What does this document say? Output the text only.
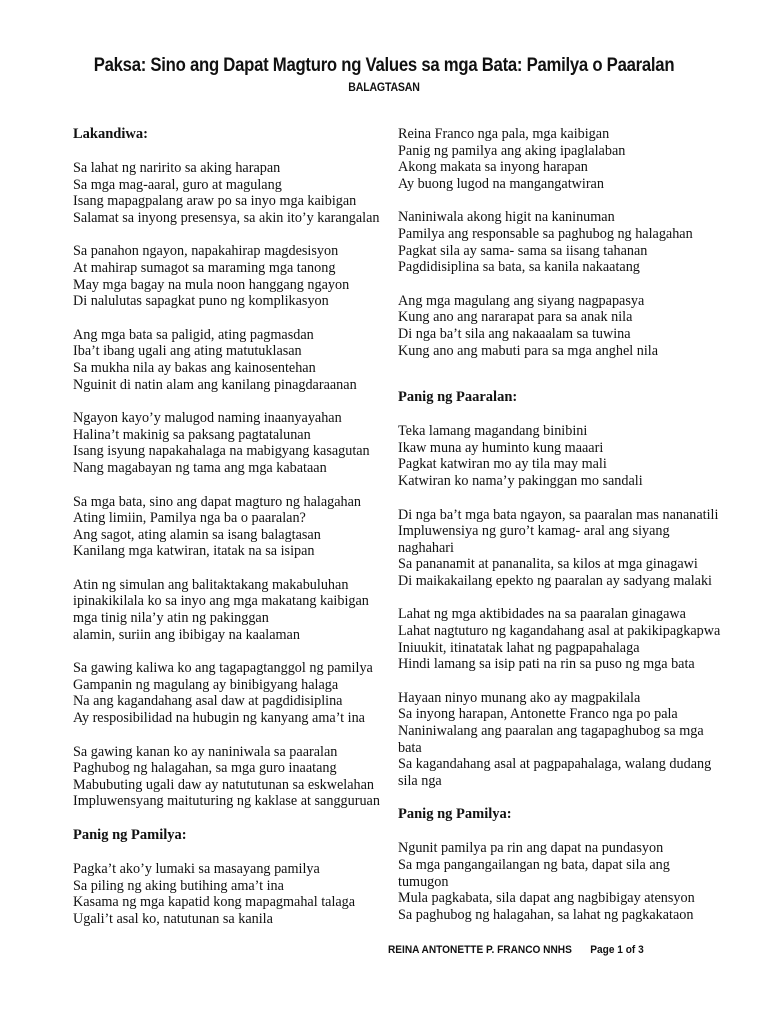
Paksa: Sino ang Dapat Magturo ng Values sa mga Bata: Pamilya o Paaralan
BALAGTASAN
Lakandiwa:
Sa lahat ng naririto sa aking harapan
Sa mga mag-aaral, guro at magulang
Isang mapagpalang araw po sa inyo mga kaibigan
Salamat sa inyong presensya, sa akin ito’y karangalan
Sa panahon ngayon, napakahirap magdesisyon
At mahirap sumagot sa maraming mga tanong
May mga bagay na mula noon hanggang ngayon
Di nalulutas sapagkat puno ng komplikasyon
Ang mga bata sa paligid, ating pagmasdan
Iba’t ibang ugali ang ating matutuklasan
Sa mukha nila ay bakas ang kainosentehan
Nguinit di natin alam ang kanilang pinagdaraanan
Ngayon kayo’y malugod naming inaanyayahan
Halina’t makinig sa paksang pagtatalunan
Isang isyung napakahalaga na mabigyang kasagutan
Nang magabayan ng tama ang mga kabataan
Sa mga bata, sino ang dapat magturo ng halagahan
Ating limiin, Pamilya nga ba o paaralan?
Ang sagot, ating alamin sa isang balagtasan
Kanilang mga katwiran, itatak na sa isipan
Atin ng simulan ang balitaktakang makabuluhan
ipinakikilala ko sa inyo ang mga makatang kaibigan
mga tinig nila’y atin ng pakinggan
alamin, suriin ang ibibigay na kaalaman
Sa gawing kaliwa ko ang tagapagtanggol ng pamilya
Gampanin ng magulang ay binibigyang halaga
Na ang kagandahang asal daw at pagdidisiplina
Ay resposibilidad na hubugin ng kanyang ama’t ina
Sa gawing kanan ko ay naniniwala sa paaralan
Paghubog ng halagahan, sa mga guro inaatang
Mabubuting ugali daw ay natututunan sa eskwelahan
Impluwensyang maituturing ng kaklase at sangguruan
Panig ng Pamilya:
Pagka’t ako’y lumaki sa masayang pamilya
Sa piling ng aking butihing ama’t ina
Kasama ng mga kapatid kong mapagmahal talaga
Ugali’t asal ko, natutunan sa kanila
Reina Franco nga pala, mga kaibigan
Panig ng pamilya ang aking ipaglalaban
Akong makata sa inyong harapan
Ay buong lugod na mangangatwiran
Naniniwala akong higit na kaninuman
Pamilya ang responsable sa paghubog ng halagahan
Pagkat sila ay sama- sama sa iisang tahanan
Pagdidisiplina sa bata, sa kanila nakaatang
Ang mga magulang ang siyang nagpapasya
Kung ano ang nararapat para sa anak nila
Di nga ba’t sila ang nakaaalam sa tuwina
Kung ano ang mabuti para sa mga anghel nila
Panig ng Paaralan:
Teka lamang magandang binibini
Ikaw muna ay huminto kung maaari
Pagkat katwiran mo ay tila may mali
Katwiran ko nama’y pakinggan mo sandali
Di nga ba’t mga bata ngayon, sa paaralan mas nananatili
Impluwensiya ng guro’t kamag- aral ang siyang naghahari
Sa pananamit at pananalita, sa kilos at mga ginagawi
Di maikakailang epekto ng paaralan ay sadyang malaki
Lahat ng mga aktibidades na sa paaralan ginagawa
Lahat nagtuturo ng kagandahang asal at pakikipagkapwa
Iniuukit, itinatatak lahat ng pagpapahalaga
Hindi lamang sa isip pati na rin sa puso ng mga bata
Hayaan ninyo munang ako ay magpakilala
Sa inyong harapan, Antonette Franco nga po pala
Naniniwalang ang paaralan ang tagapaghubog sa mga bata
Sa kagandahang asal at pagpapahalaga, walang dudang sila nga
Panig ng Pamilya:
Ngunit pamilya pa rin ang dapat na pundasyon
Sa mga pangangailangan ng bata, dapat sila ang tumugon
Mula pagkabata, sila dapat ang nagbibigay atensyon
Sa paghubog ng halagahan, sa lahat ng pagkakataon
REINA ANTONETTE P. FRANCO NNHS Page 1 of 3
